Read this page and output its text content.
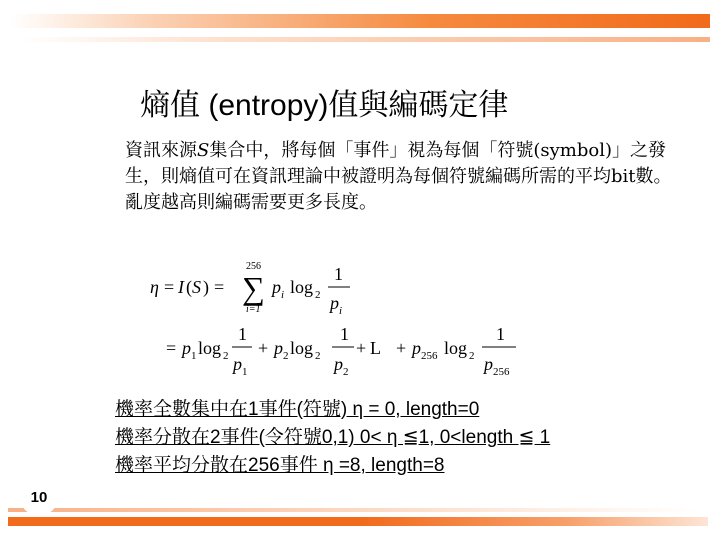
熵值 (entropy)值與編碼定律
資訊來源S集合中，將每個「事件」視為每個「符號(symbol)」之發生，則熵值可在資訊理論中被證明為每個符號編碼所需的平均bit數。亂度越高則編碼需要更多長度。
η = I ( S ) =
256
∑
i=1
p i log 2
1
p i
= p 1 log 2
1
p 1
+ p 2 log 2
1
p 2
+ L + p 256 log 2
1
p 256
機率全數集中在1事件(符號) η = 0, length=0
機率分散在2事件(令符號0,1) 0< η ≦1, 0<length ≦ 1
機率平均分散在256事件 η =8, length=8
10
